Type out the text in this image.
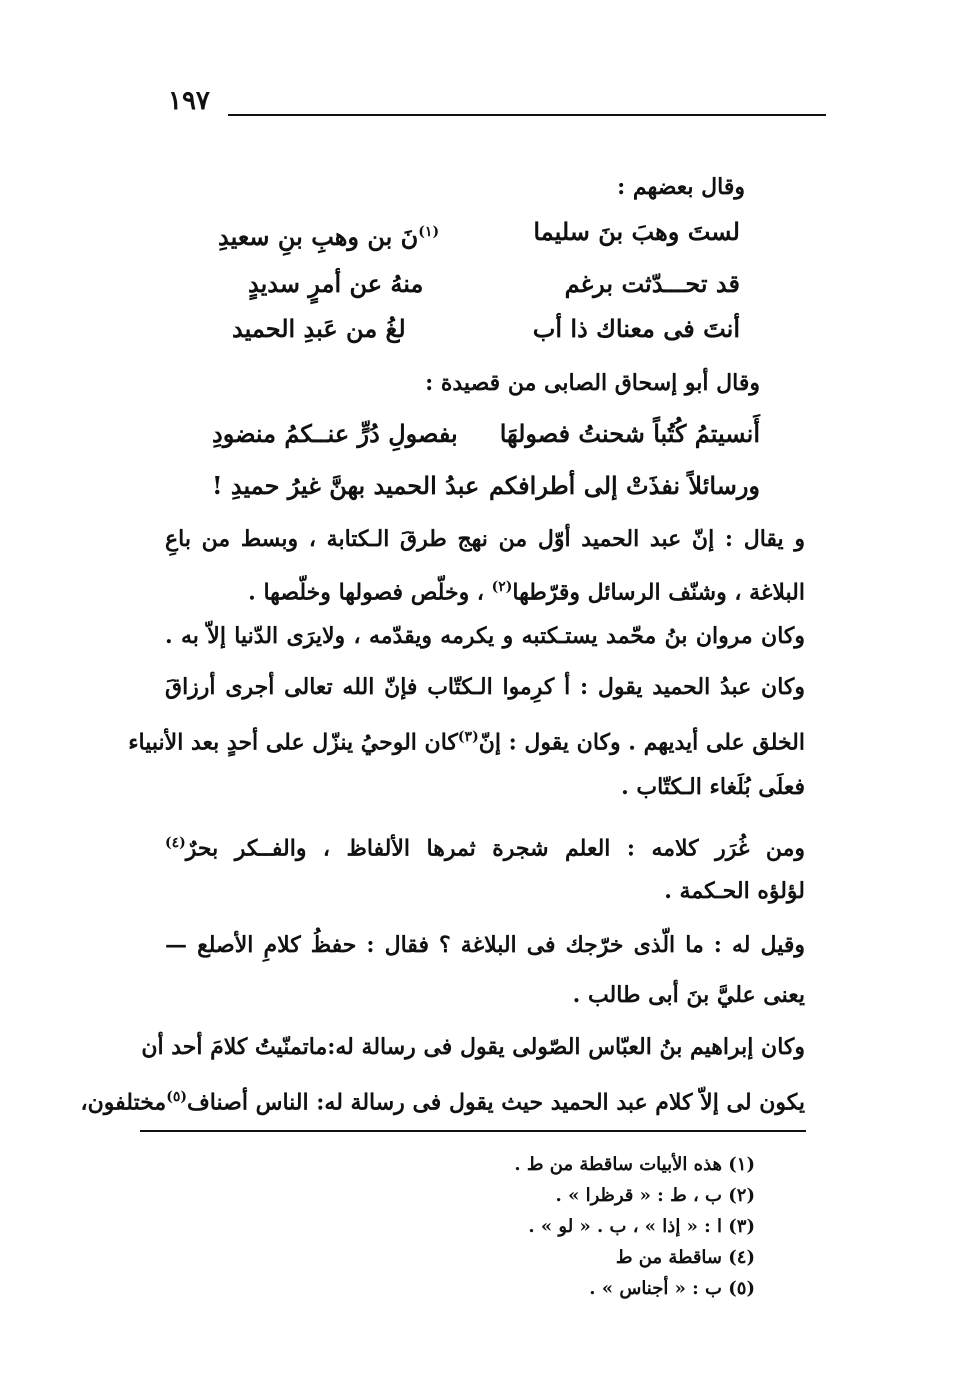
١٩٧
وقال بعضهم :
لستَ وهبَ بنَ سليما
$^{(١)}$نَ بن وهبِ بنِ سعيدِ
قد تحـــدّثت برغم
منهُ عن أمرٍ سديدٍ
أنتَ فى معناك ذا أب
لغُ من عَبدِ الحميد
وقال أبو إسحاق الصابى من قصيدة :
أَنسيتمُ كُتُباً شحنتُ فصولهَا
بفصولِ دُرٍّ عنــكمُ منضودِ
ورسائلاً نفذَتْ إلى أطرافكم
عبدُ الحميد بهنَّ غيرُ حميدِ !
و يقال : إنّ عبد الحميد أوّل من نهج طرقَ الـكتابة ، وبسط من باعِ
البلاغة ، وشنّف الرسائل وقرّطها$^{(٢)}$ ، وخلّص فصولها وخلّصها .
وكان مروان بنُ محّمد يستـكتبه و يكرمه ويقدّمه ، ولايرَى الدّنيا إلاّ به .
وكان عبدُ الحميد يقول : أ كرِموا الـكتّاب فإنّ الله تعالى أجرى أرزاقَ
الخلق على أيديهم . وكان يقول : إنّ$^{(٣)}$كان الوحيُ ينزّل على أحدٍ بعد الأنبياء
فعلَى بُلَغاء الـكتّاب .
ومن غُرَر كلامه : العلم شجرة ثمرها الألفاظ ، والفــكر بحرٌ$^{(٤)}$
لؤلؤه الحـكمة .
وقيل له : ما الّذى خرّجك فى البلاغة ؟ فقال : حفظُ كلامِ الأصلع —
يعنى عليَّ بنَ أبى طالب .
وكان إبراهيم بنُ العبّاس الصّولى يقول فى رسالة له:ماتمنّيتُ كلامَ أحد أن
يكون لى إلاّ كلام عبد الحميد حيث يقول فى رسالة له: الناس أصناف$^{(٥)}$مختلفون،
(١) هذه الأبيات ساقطة من ط .
(٢) ب ، ط : « قرظرا » .
(٣) ا : « إذا » ، ب . « لو » .
(٤) ساقطة من ط
(٥) ب : « أجناس » .
